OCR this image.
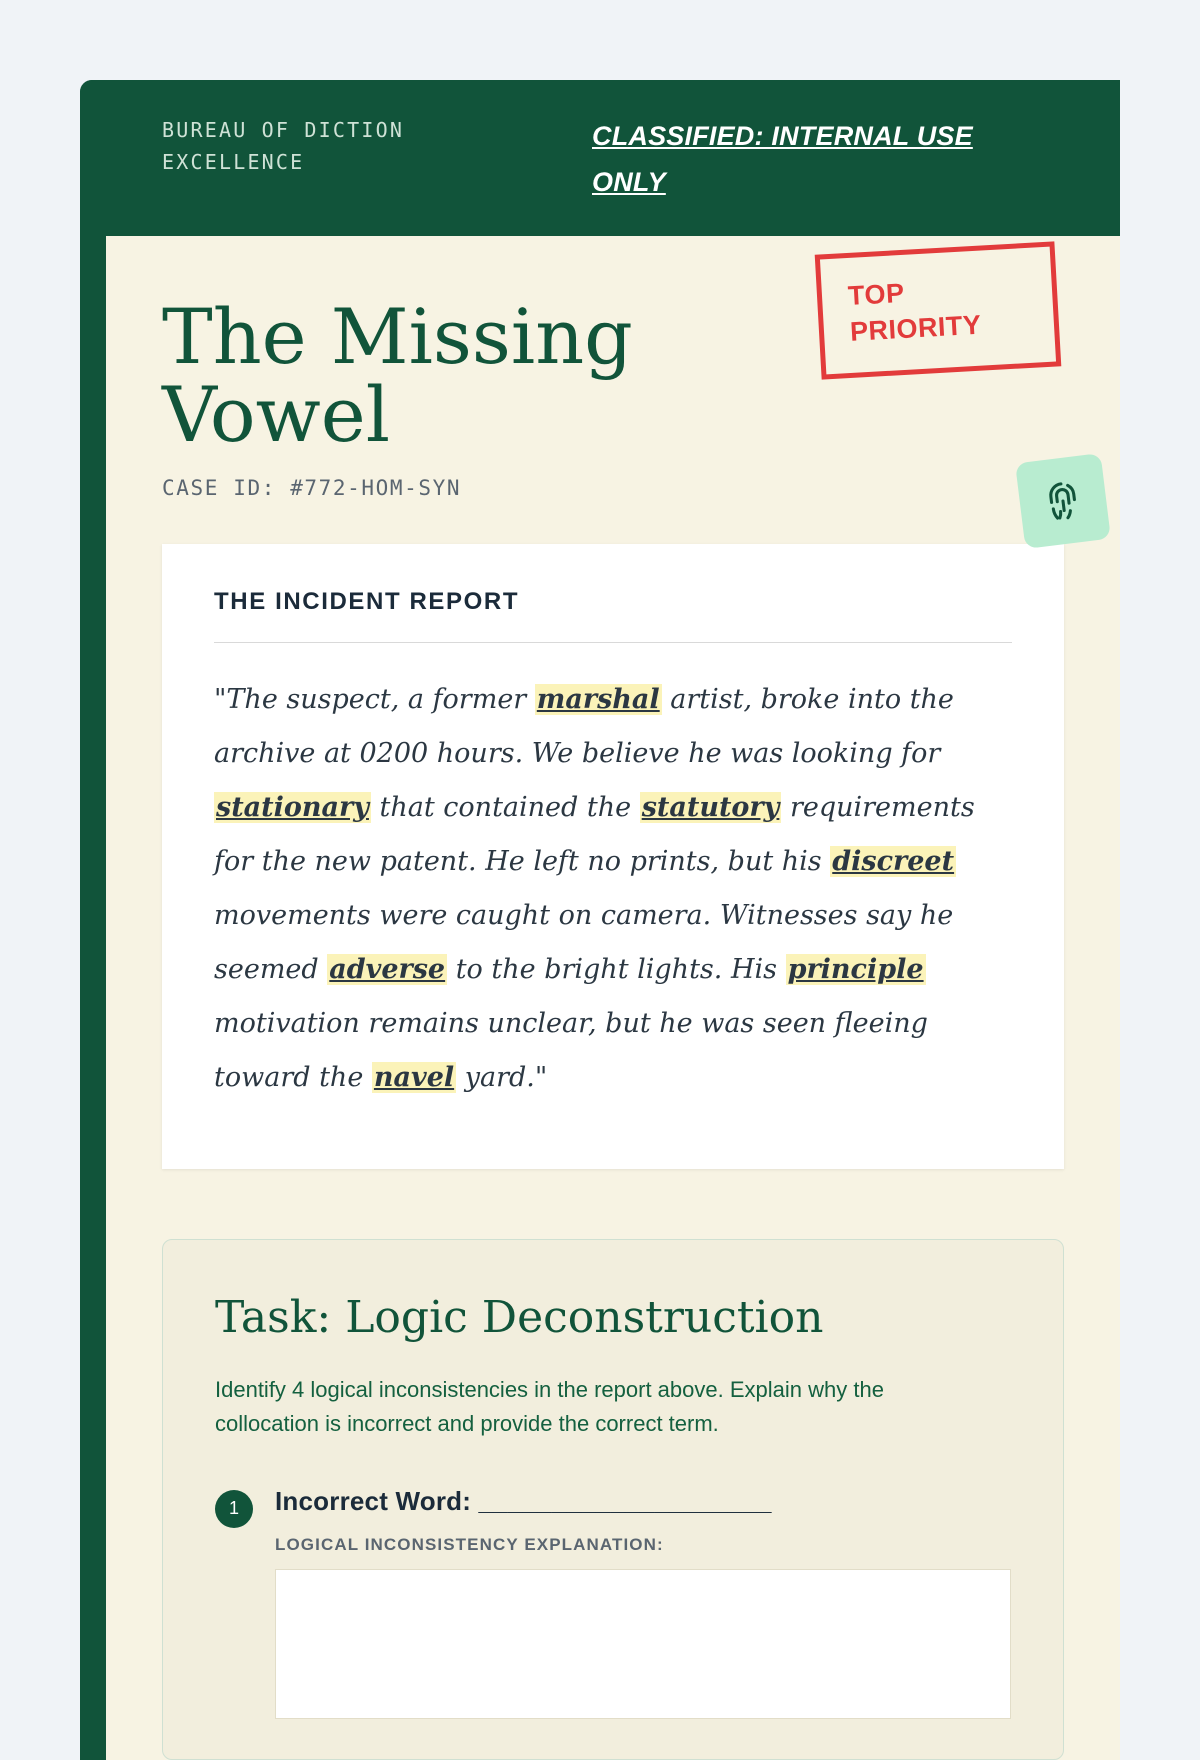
BUREAU OF DICTION EXCELLENCE
CLASSIFIED: INTERNAL USE ONLY
The Missing Vowel
CASE ID: #772-HOM-SYN
TOP PRIORITY
THE INCIDENT REPORT

"The suspect, a former marshal artist, broke into the archive at 0200 hours. We believe he was looking for stationary that contained the statutory requirements for the new patent. He left no prints, but his discreet movements were caught on camera. Witnesses say he seemed adverse to the bright lights. His principle motivation remains unclear, but he was seen fleeing toward the navel yard."

Task: Logic Deconstruction

Identify 4 logical inconsistencies in the report above. Explain why the collocation is incorrect and provide the correct term.

1	Incorrect Word: ____________________
LOGICAL INCONSISTENCY EXPLANATION:
